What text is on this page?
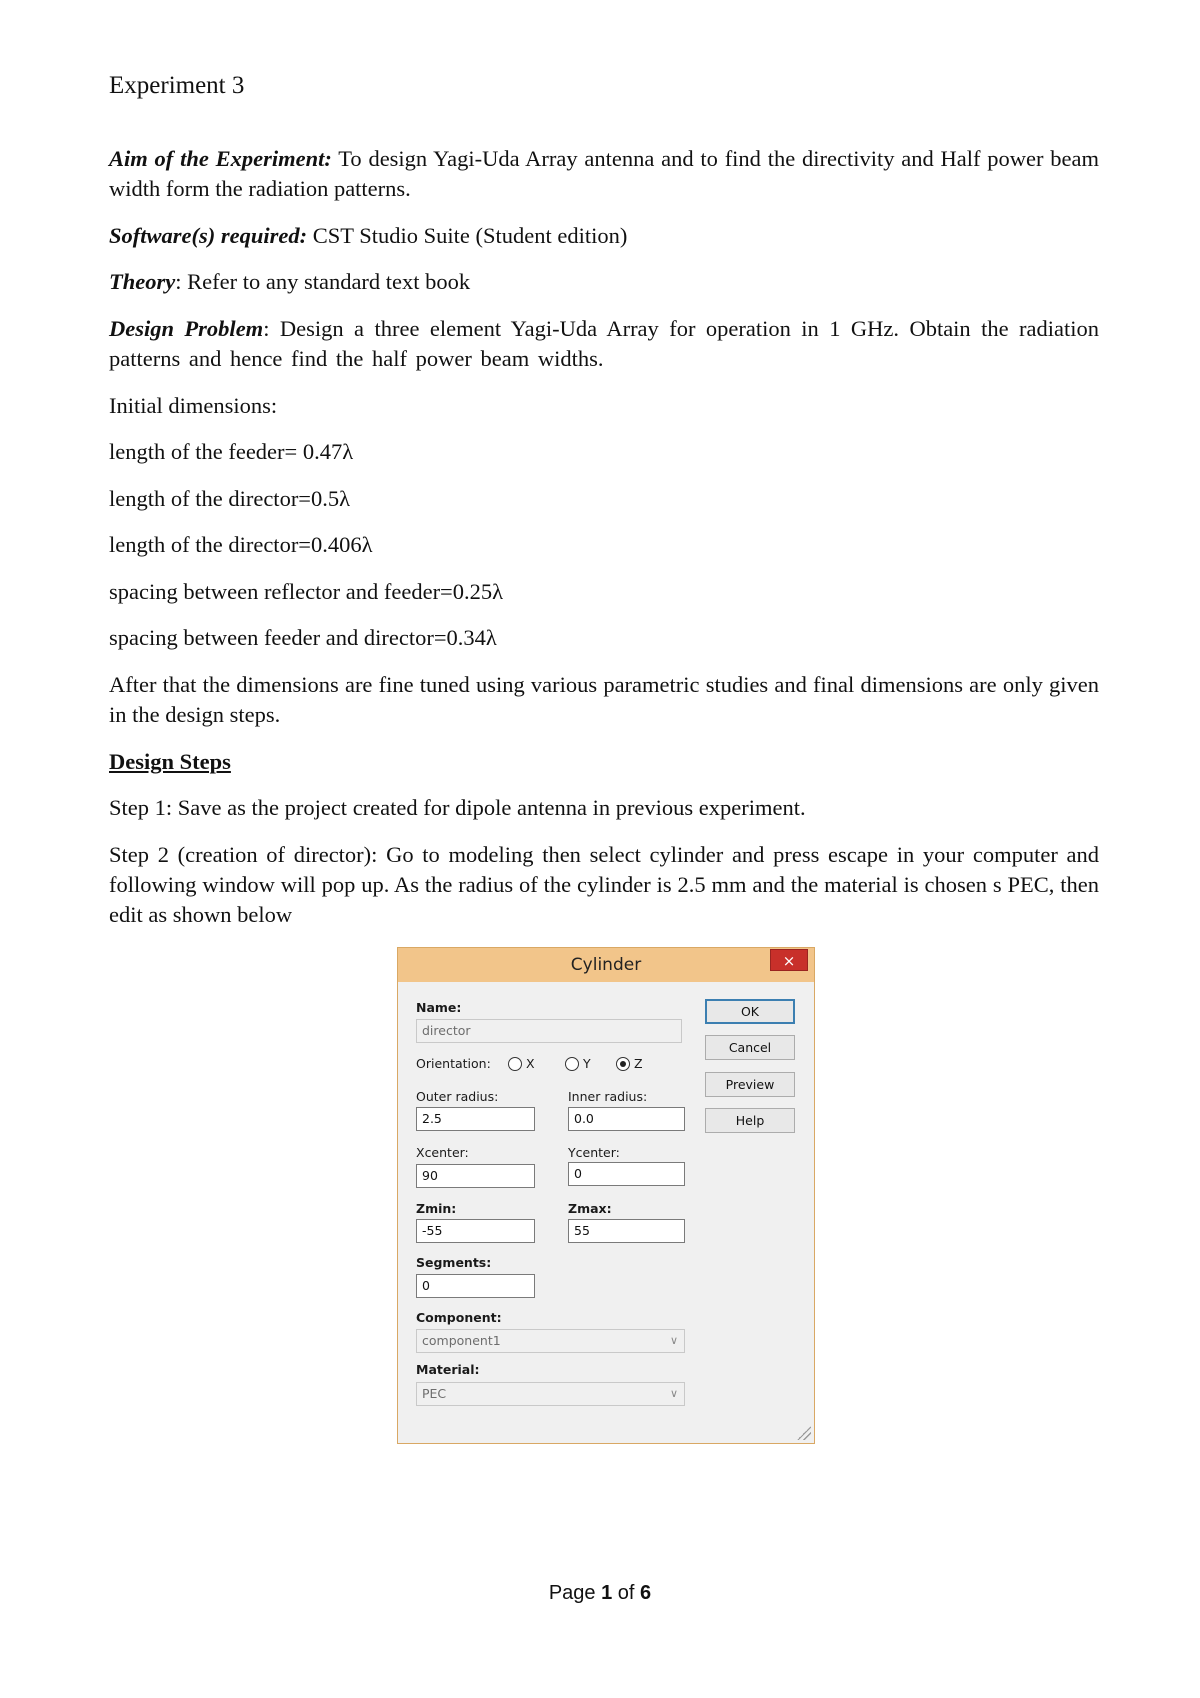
Experiment 3
Aim of the Experiment: To design Yagi-Uda Array antenna and to find the directivity and Half power beam width form the radiation patterns.
Software(s) required: CST Studio Suite (Student edition)
Theory: Refer to any standard text book
Design Problem: Design a three element Yagi-Uda Array for operation in 1 GHz. Obtain the radiation patterns and hence find the half power beam widths.
Initial dimensions:
length of the feeder= 0.47λ
length of the director=0.5λ
length of the director=0.406λ
spacing between reflector and feeder=0.25λ
spacing between feeder and director=0.34λ
After that the dimensions are fine tuned using various parametric studies and final dimensions are only given in the design steps.
Design Steps
Step 1: Save as the project created for dipole antenna in previous experiment.
Step 2 (creation of director): Go to modeling then select cylinder and press escape in your computer and following window will pop up. As the radius of the cylinder is 2.5 mm and the material is chosen s PEC, then edit as shown below
Cylinder	×
Name:
director
Orientation:	X	Y	Z
Outer radius:
2.5
Inner radius:
0.0
Xcenter:
90
Ycenter:
0
Zmin:
-55
Zmax:
55
Segments:
0
Component:
component1	∨
Material:
PEC	∨
OK
Cancel
Preview
Help
Page 1 of 6
